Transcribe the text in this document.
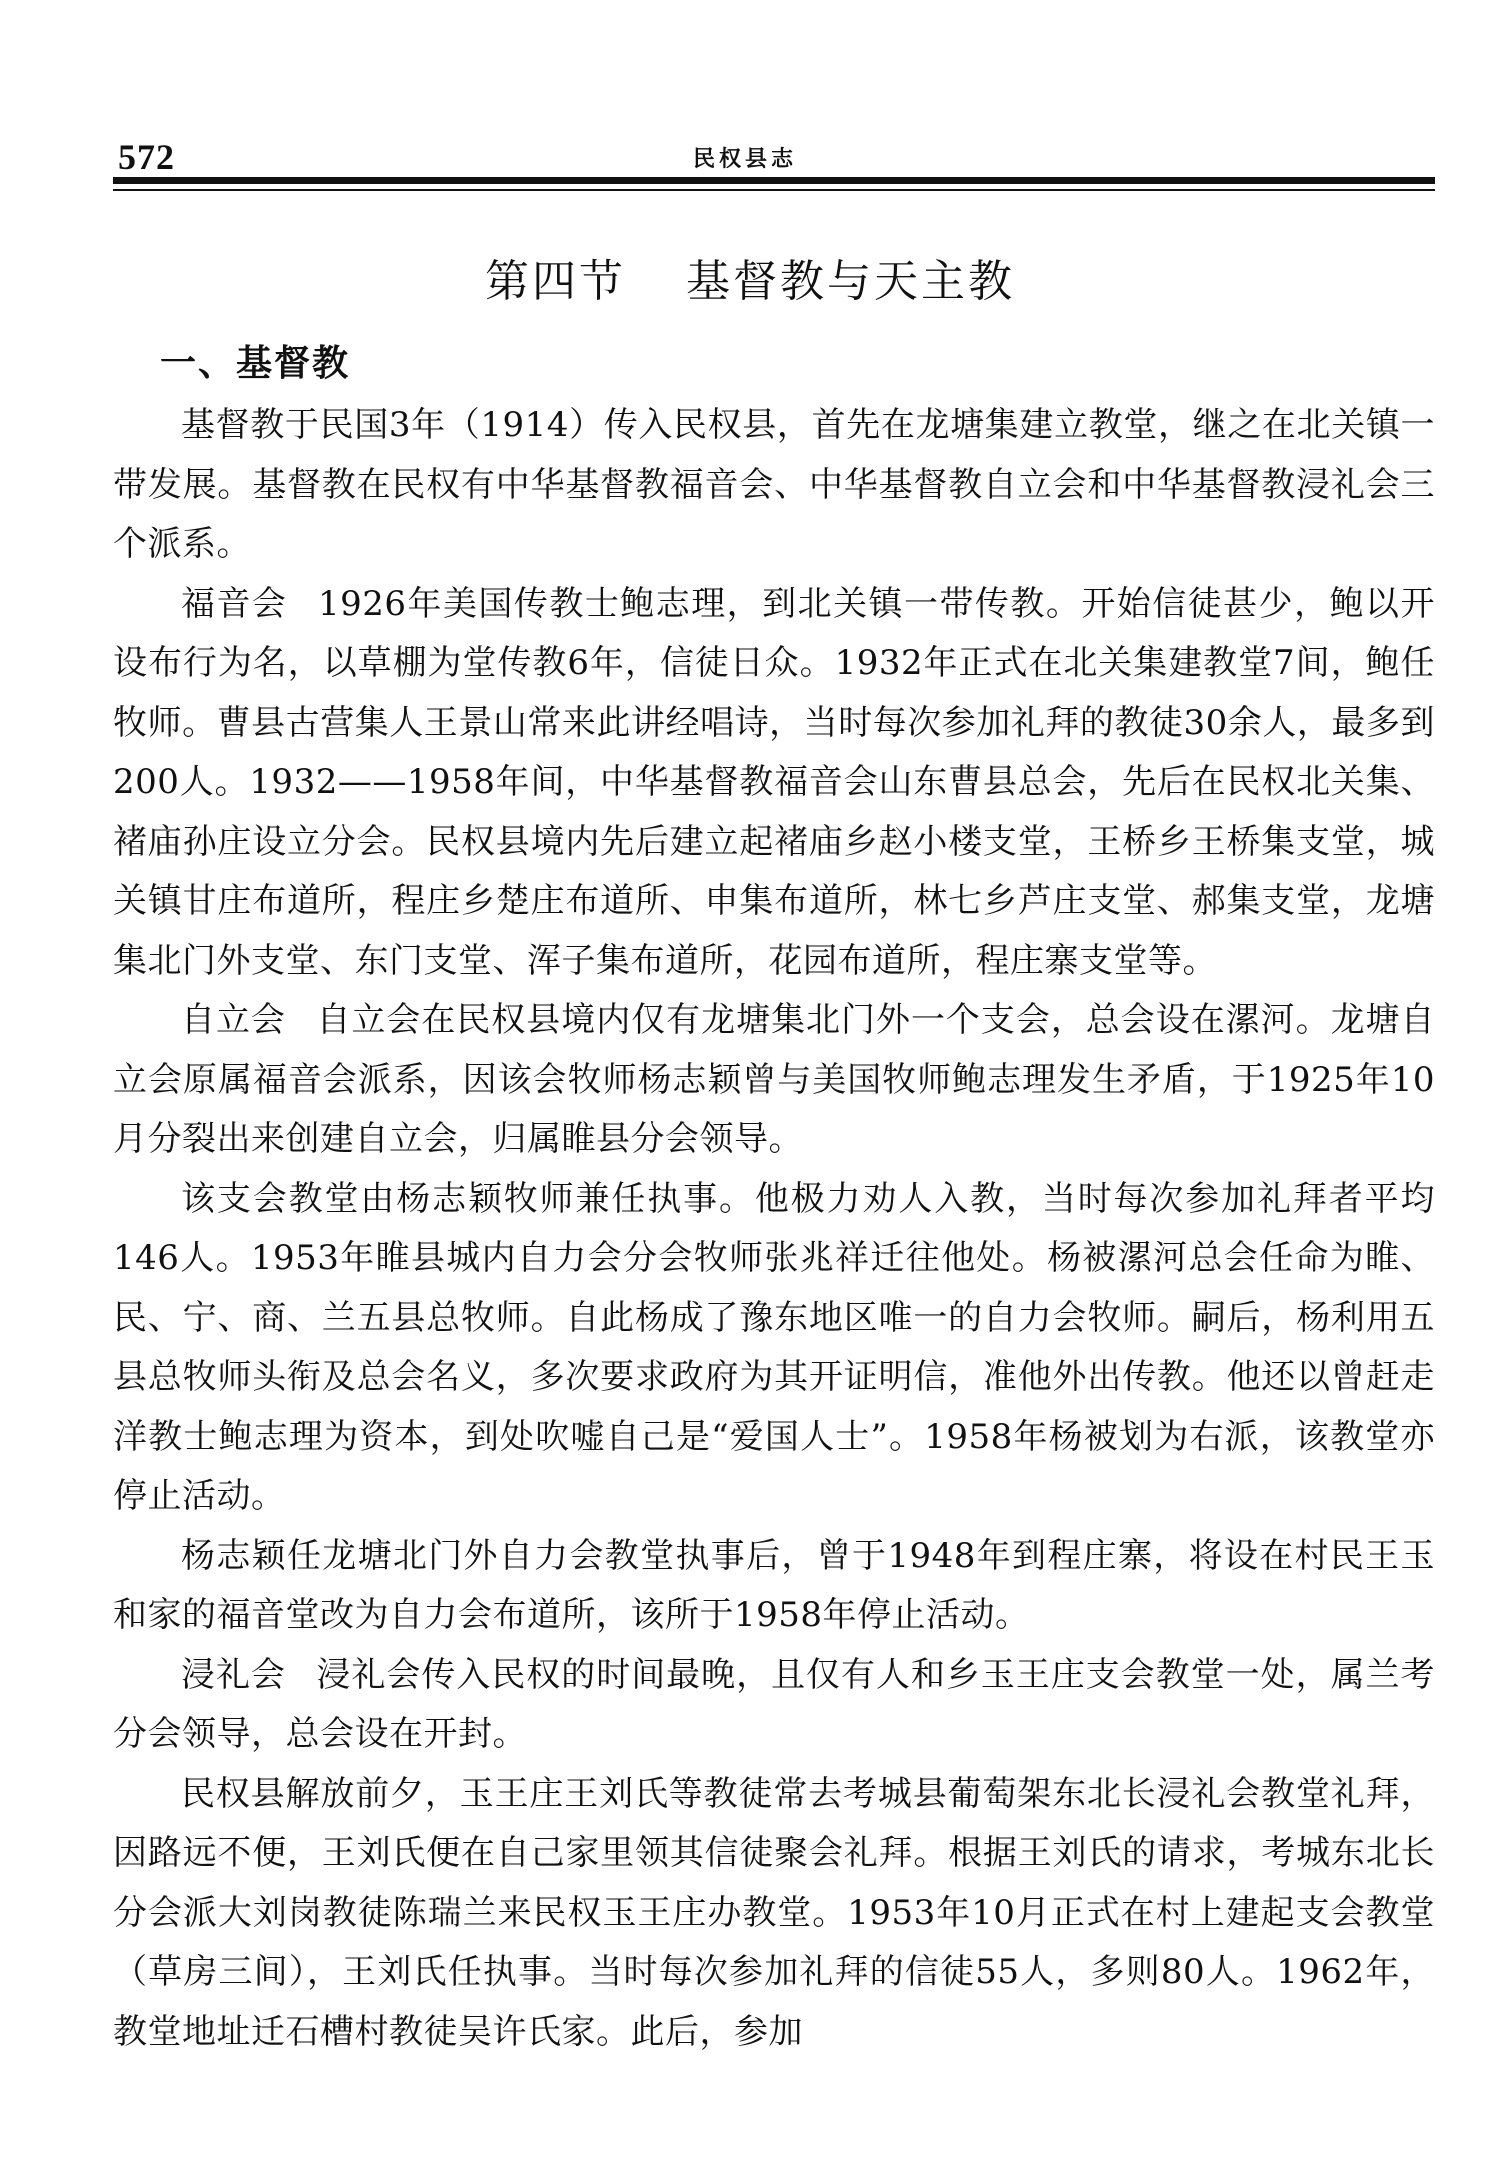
572	民权县志
第四节 基督教与天主教
一、基督教

基督教于民国3年（1914）传入民权县，首先在龙塘集建立教堂，继之在北关镇一带发展。基督教在民权有中华基督教福音会、中华基督教自立会和中华基督教浸礼会三个派系。

福音会 1926年美国传教士鲍志理，到北关镇一带传教。开始信徒甚少，鲍以开设布行为名，以草棚为堂传教6年，信徒日众。1932年正式在北关集建教堂7间，鲍任牧师。曹县古营集人王景山常来此讲经唱诗，当时每次参加礼拜的教徒30余人，最多到200人。1932——1958年间，中华基督教福音会山东曹县总会，先后在民权北关集、褚庙孙庄设立分会。民权县境内先后建立起褚庙乡赵小楼支堂，王桥乡王桥集支堂，城关镇甘庄布道所，程庄乡楚庄布道所、申集布道所，林七乡芦庄支堂、郝集支堂，龙塘集北门外支堂、东门支堂、浑子集布道所，花园布道所，程庄寨支堂等。

自立会 自立会在民权县境内仅有龙塘集北门外一个支会，总会设在漯河。龙塘自立会原属福音会派系，因该会牧师杨志颖曾与美国牧师鲍志理发生矛盾，于1925年10月分裂出来创建自立会，归属睢县分会领导。

该支会教堂由杨志颖牧师兼任执事。他极力劝人入教，当时每次参加礼拜者平均146人。1953年睢县城内自力会分会牧师张兆祥迁往他处。杨被漯河总会任命为睢、民、宁、商、兰五县总牧师。自此杨成了豫东地区唯一的自力会牧师。嗣后，杨利用五县总牧师头衔及总会名义，多次要求政府为其开证明信，准他外出传教。他还以曾赶走洋教士鲍志理为资本，到处吹嘘自己是“爱国人士”。1958年杨被划为右派，该教堂亦停止活动。

杨志颖任龙塘北门外自力会教堂执事后，曾于1948年到程庄寨，将设在村民王玉和家的福音堂改为自力会布道所，该所于1958年停止活动。

浸礼会 浸礼会传入民权的时间最晚，且仅有人和乡玉王庄支会教堂一处，属兰考分会领导，总会设在开封。

民权县解放前夕，玉王庄王刘氏等教徒常去考城县葡萄架东北长浸礼会教堂礼拜，因路远不便，王刘氏便在自己家里领其信徒聚会礼拜。根据王刘氏的请求，考城东北长分会派大刘岗教徒陈瑞兰来民权玉王庄办教堂。1953年10月正式在村上建起支会教堂（草房三间），王刘氏任执事。当时每次参加礼拜的信徒55人，多则80人。1962年，教堂地址迁石槽村教徒吴许氏家。此后，参加
